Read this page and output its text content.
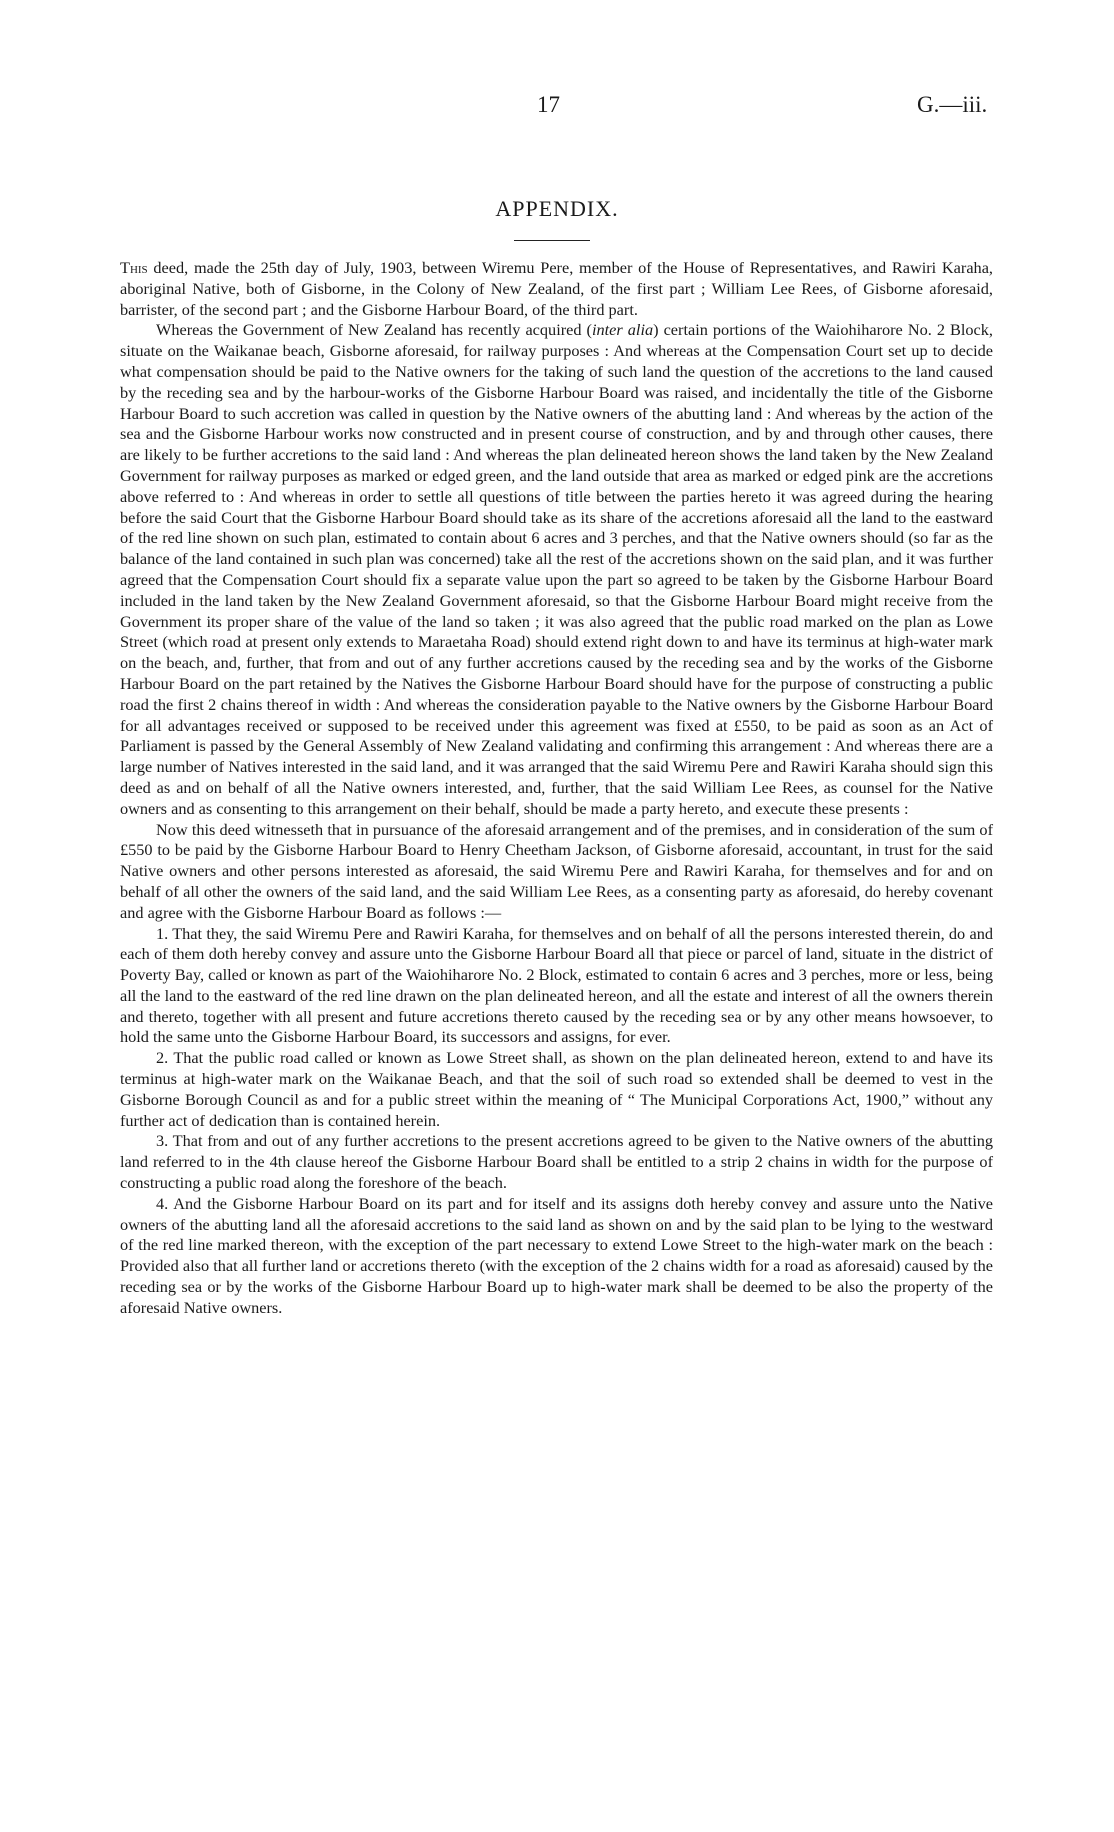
17	G.—iii.
APPENDIX.

This deed, made the 25th day of July, 1903, between Wiremu Pere, member of the House of Representatives, and Rawiri Karaha, aboriginal Native, both of Gisborne, in the Colony of New Zealand, of the first part ; William Lee Rees, of Gisborne aforesaid, barrister, of the second part ; and the Gisborne Harbour Board, of the third part.

Whereas the Government of New Zealand has recently acquired (inter alia) certain portions of the Waiohiharore No. 2 Block, situate on the Waikanae beach, Gisborne aforesaid, for railway purposes : And whereas at the Compensation Court set up to decide what compensation should be paid to the Native owners for the taking of such land the question of the accretions to the land caused by the receding sea and by the harbour-works of the Gisborne Harbour Board was raised, and incidentally the title of the Gisborne Harbour Board to such accretion was called in question by the Native owners of the abutting land : And whereas by the action of the sea and the Gisborne Harbour works now constructed and in present course of construction, and by and through other causes, there are likely to be further accretions to the said land : And whereas the plan delineated hereon shows the land taken by the New Zealand Government for railway purposes as marked or edged green, and the land outside that area as marked or edged pink are the accretions above referred to : And whereas in order to settle all questions of title between the parties hereto it was agreed during the hearing before the said Court that the Gisborne Harbour Board should take as its share of the accretions aforesaid all the land to the eastward of the red line shown on such plan, estimated to contain about 6 acres and 3 perches, and that the Native owners should (so far as the balance of the land contained in such plan was concerned) take all the rest of the accretions shown on the said plan, and it was further agreed that the Compensation Court should fix a separate value upon the part so agreed to be taken by the Gisborne Harbour Board included in the land taken by the New Zealand Government aforesaid, so that the Gisborne Harbour Board might receive from the Government its proper share of the value of the land so taken ; it was also agreed that the public road marked on the plan as Lowe Street (which road at present only extends to Maraetaha Road) should extend right down to and have its terminus at high-water mark on the beach, and, further, that from and out of any further accretions caused by the receding sea and by the works of the Gisborne Harbour Board on the part retained by the Natives the Gisborne Harbour Board should have for the purpose of constructing a public road the first 2 chains thereof in width : And whereas the consideration payable to the Native owners by the Gisborne Harbour Board for all advantages received or supposed to be received under this agreement was fixed at £550, to be paid as soon as an Act of Parliament is passed by the General Assembly of New Zealand validating and confirming this arrangement : And whereas there are a large number of Natives interested in the said land, and it was arranged that the said Wiremu Pere and Rawiri Karaha should sign this deed as and on behalf of all the Native owners interested, and, further, that the said William Lee Rees, as counsel for the Native owners and as consenting to this arrangement on their behalf, should be made a party hereto, and execute these presents :

Now this deed witnesseth that in pursuance of the aforesaid arrangement and of the premises, and in consideration of the sum of £550 to be paid by the Gisborne Harbour Board to Henry Cheetham Jackson, of Gisborne aforesaid, accountant, in trust for the said Native owners and other persons interested as aforesaid, the said Wiremu Pere and Rawiri Karaha, for themselves and for and on behalf of all other the owners of the said land, and the said William Lee Rees, as a consenting party as aforesaid, do hereby covenant and agree with the Gisborne Harbour Board as follows :—

1. That they, the said Wiremu Pere and Rawiri Karaha, for themselves and on behalf of all the persons interested therein, do and each of them doth hereby convey and assure unto the Gisborne Harbour Board all that piece or parcel of land, situate in the district of Poverty Bay, called or known as part of the Waiohiharore No. 2 Block, estimated to contain 6 acres and 3 perches, more or less, being all the land to the eastward of the red line drawn on the plan delineated hereon, and all the estate and interest of all the owners therein and thereto, together with all present and future accretions thereto caused by the receding sea or by any other means howsoever, to hold the same unto the Gisborne Harbour Board, its successors and assigns, for ever.

2. That the public road called or known as Lowe Street shall, as shown on the plan delineated hereon, extend to and have its terminus at high-water mark on the Waikanae Beach, and that the soil of such road so extended shall be deemed to vest in the Gisborne Borough Council as and for a public street within the meaning of “ The Municipal Corporations Act, 1900,” without any further act of dedication than is contained herein.

3. That from and out of any further accretions to the present accretions agreed to be given to the Native owners of the abutting land referred to in the 4th clause hereof the Gisborne Harbour Board shall be entitled to a strip 2 chains in width for the purpose of constructing a public road along the foreshore of the beach.

4. And the Gisborne Harbour Board on its part and for itself and its assigns doth hereby convey and assure unto the Native owners of the abutting land all the aforesaid accretions to the said land as shown on and by the said plan to be lying to the westward of the red line marked thereon, with the exception of the part necessary to extend Lowe Street to the high-water mark on the beach : Provided also that all further land or accretions thereto (with the exception of the 2 chains width for a road as aforesaid) caused by the receding sea or by the works of the Gisborne Harbour Board up to high-water mark shall be deemed to be also the property of the aforesaid Native owners.
